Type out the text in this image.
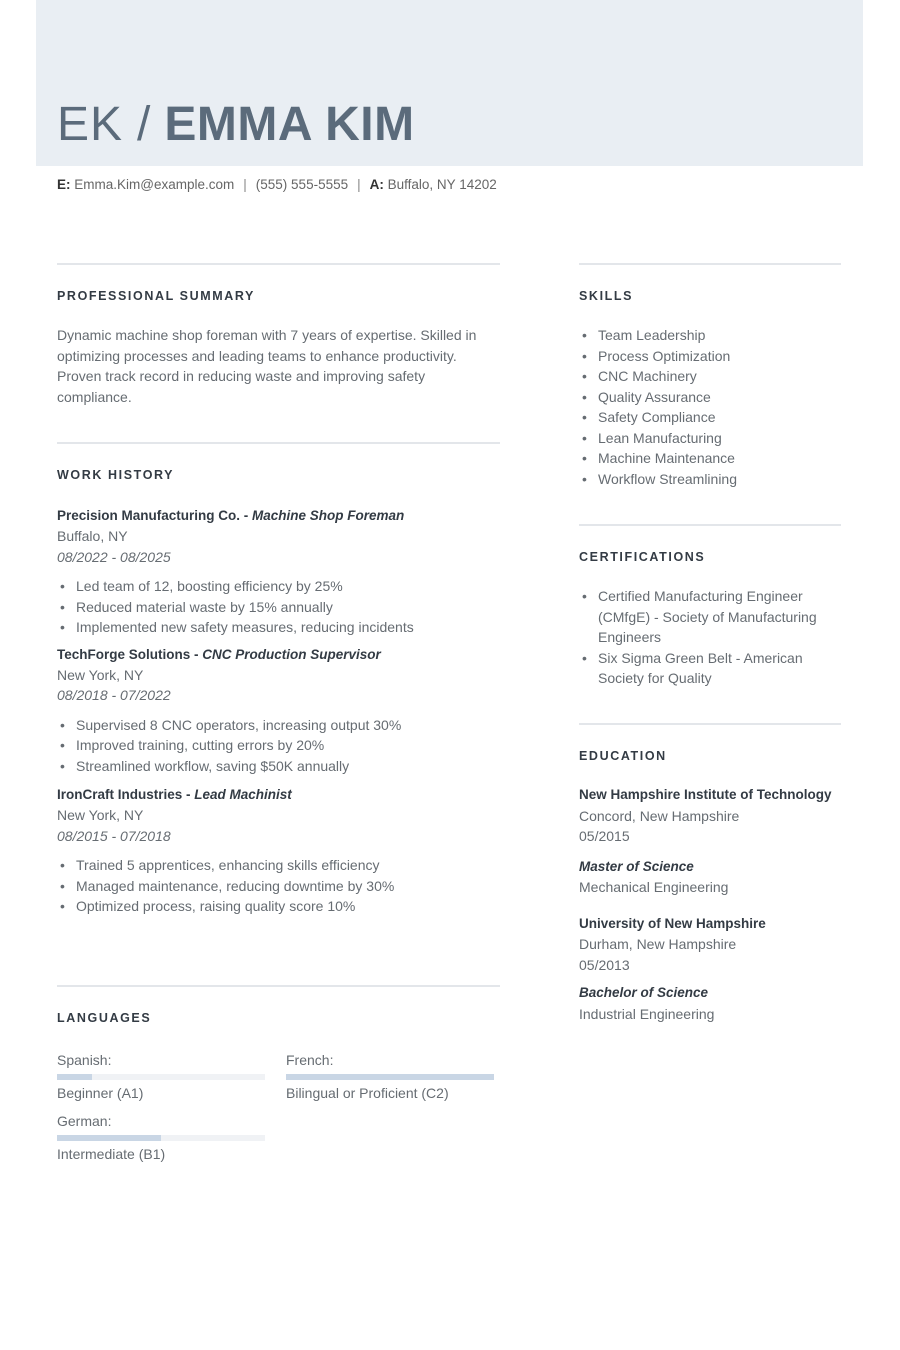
EK / EMMA KIM
E: Emma.Kim@example.com | (555) 555-5555 | A: Buffalo, NY 14202
PROFESSIONAL SUMMARY
Dynamic machine shop foreman with 7 years of expertise. Skilled in optimizing processes and leading teams to enhance productivity. Proven track record in reducing waste and improving safety compliance.
WORK HISTORY
Precision Manufacturing Co. - Machine Shop Foreman
Buffalo, NY
08/2022 - 08/2025
• Led team of 12, boosting efficiency by 25%
• Reduced material waste by 15% annually
• Implemented new safety measures, reducing incidents
TechForge Solutions - CNC Production Supervisor
New York, NY
08/2018 - 07/2022
• Supervised 8 CNC operators, increasing output 30%
• Improved training, cutting errors by 20%
• Streamlined workflow, saving $50K annually
IronCraft Industries - Lead Machinist
New York, NY
08/2015 - 07/2018
• Trained 5 apprentices, enhancing skills efficiency
• Managed maintenance, reducing downtime by 30%
• Optimized process, raising quality score 10%
LANGUAGES
Spanish:
Beginner (A1)
French:
Bilingual or Proficient (C2)
German:
Intermediate (B1)
SKILLS
• Team Leadership
• Process Optimization
• CNC Machinery
• Quality Assurance
• Safety Compliance
• Lean Manufacturing
• Machine Maintenance
• Workflow Streamlining
CERTIFICATIONS
• Certified Manufacturing Engineer (CMfgE) - Society of Manufacturing Engineers
• Six Sigma Green Belt - American Society for Quality
EDUCATION
New Hampshire Institute of Technology
Concord, New Hampshire
05/2015
Master of Science
Mechanical Engineering
University of New Hampshire
Durham, New Hampshire
05/2013
Bachelor of Science
Industrial Engineering
